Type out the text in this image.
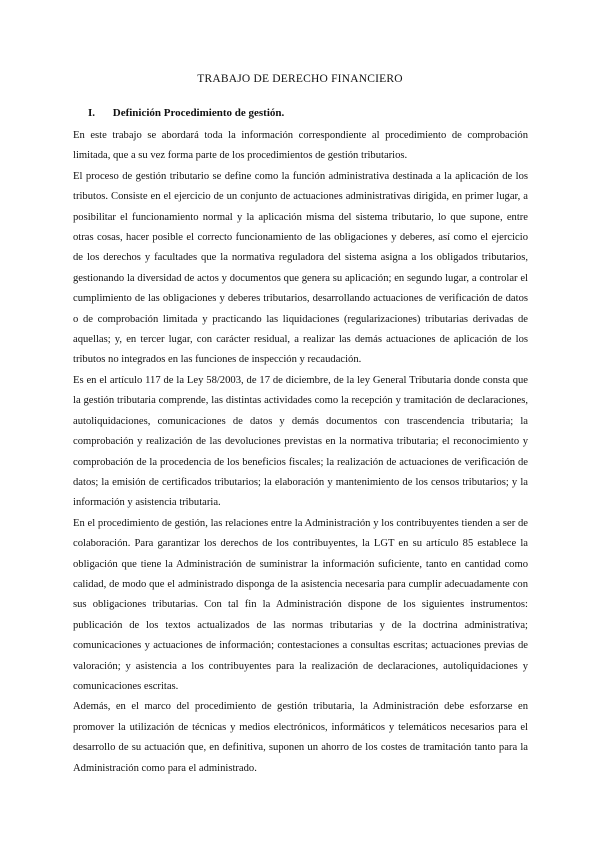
TRABAJO DE DERECHO FINANCIERO
I. Definición Procedimiento de gestión.

En este trabajo se abordará toda la información correspondiente al procedimiento de comprobación limitada, que a su vez forma parte de los procedimientos de gestión tributarios.

El proceso de gestión tributario se define como la función administrativa destinada a la aplicación de los tributos. Consiste en el ejercicio de un conjunto de actuaciones administrativas dirigida, en primer lugar, a posibilitar el funcionamiento normal y la aplicación misma del sistema tributario, lo que supone, entre otras cosas, hacer posible el correcto funcionamiento de las obligaciones y deberes, así como el ejercicio de los derechos y facultades que la normativa reguladora del sistema asigna a los obligados tributarios, gestionando la diversidad de actos y documentos que genera su aplicación; en segundo lugar, a controlar el cumplimiento de las obligaciones y deberes tributarios, desarrollando actuaciones de verificación de datos o de comprobación limitada y practicando las liquidaciones (regularizaciones) tributarias derivadas de aquellas; y, en tercer lugar, con carácter residual, a realizar las demás actuaciones de aplicación de los tributos no integrados en las funciones de inspección y recaudación.

Es en el artículo 117 de la Ley 58/2003, de 17 de diciembre, de la ley General Tributaria donde consta que la gestión tributaria comprende, las distintas actividades como la recepción y tramitación de declaraciones, autoliquidaciones, comunicaciones de datos y demás documentos con trascendencia tributaria; la comprobación y realización de las devoluciones previstas en la normativa tributaria; el reconocimiento y comprobación de la procedencia de los beneficios fiscales; la realización de actuaciones de verificación de datos; la emisión de certificados tributarios; la elaboración y mantenimiento de los censos tributarios; y la información y asistencia tributaria.

En el procedimiento de gestión, las relaciones entre la Administración y los contribuyentes tienden a ser de colaboración. Para garantizar los derechos de los contribuyentes, la LGT en su artículo 85 establece la obligación que tiene la Administración de suministrar la información suficiente, tanto en cantidad como calidad, de modo que el administrado disponga de la asistencia necesaria para cumplir adecuadamente con sus obligaciones tributarias. Con tal fin la Administración dispone de los siguientes instrumentos: publicación de los textos actualizados de las normas tributarias y de la doctrina administrativa; comunicaciones y actuaciones de información; contestaciones a consultas escritas; actuaciones previas de valoración; y asistencia a los contribuyentes para la realización de declaraciones, autoliquidaciones y comunicaciones escritas.

Además, en el marco del procedimiento de gestión tributaria, la Administración debe esforzarse en promover la utilización de técnicas y medios electrónicos, informáticos y telemáticos necesarios para el desarrollo de su actuación que, en definitiva, suponen un ahorro de los costes de tramitación tanto para la Administración como para el administrado.
